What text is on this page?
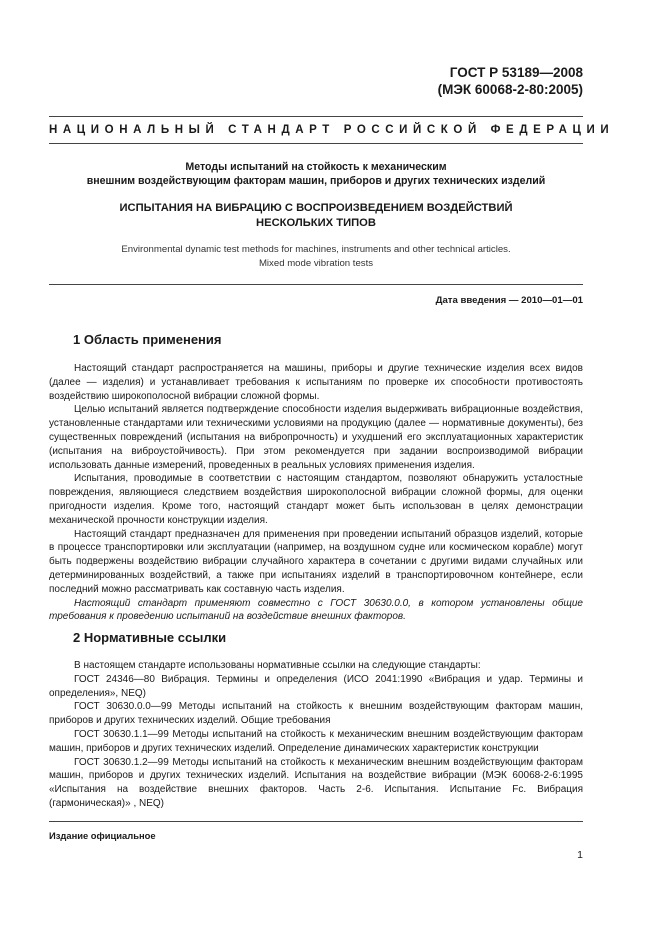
ГОСТ Р 53189—2008
(МЭК 60068-2-80:2005)
НАЦИОНАЛЬНЫЙ СТАНДАРТ РОССИЙСКОЙ ФЕДЕРАЦИИ
Методы испытаний на стойкость к механическим
внешним воздействующим факторам машин, приборов и других технических изделий
ИСПЫТАНИЯ НА ВИБРАЦИЮ С ВОСПРОИЗВЕДЕНИЕМ ВОЗДЕЙСТВИЙ
НЕСКОЛЬКИХ ТИПОВ
Environmental dynamic test methods for machines, instruments and other technical articles.
Mixed mode vibration tests
Дата введения — 2010—01—01
1 Область применения

Настоящий стандарт распространяется на машины, приборы и другие технические изделия всех видов (далее — изделия) и устанавливает требования к испытаниям по проверке их способности противостоять воздействию широкополосной вибрации сложной формы.

Целью испытаний является подтверждение способности изделия выдерживать вибрационные воздействия, установленные стандартами или техническими условиями на продукцию (далее — нормативные документы), без существенных повреждений (испытания на вибропрочность) и ухудшений его эксплуатационных характеристик (испытания на виброустойчивость). При этом рекомендуется при задании воспроизводимой вибрации использовать данные измерений, проведенных в реальных условиях применения изделия.

Испытания, проводимые в соответствии с настоящим стандартом, позволяют обнаружить усталостные повреждения, являющиеся следствием воздействия широкополосной вибрации сложной формы, для оценки пригодности изделия. Кроме того, настоящий стандарт может быть использован в целях демонстрации механической прочности конструкции изделия.

Настоящий стандарт предназначен для применения при проведении испытаний образцов изделий, которые в процессе транспортировки или эксплуатации (например, на воздушном судне или космическом корабле) могут быть подвержены воздействию вибрации случайного характера в сочетании с другими видами случайных или детерминированных воздействий, а также при испытаниях изделий в транспортировочном контейнере, если последний можно рассматривать как составную часть изделия.

Настоящий стандарт применяют совместно с ГОСТ 30630.0.0, в котором установлены общие требования к проведению испытаний на воздействие внешних факторов.

2 Нормативные ссылки

В настоящем стандарте использованы нормативные ссылки на следующие стандарты:

ГОСТ 24346—80 Вибрация. Термины и определения (ИСО 2041:1990 «Вибрация и удар. Термины и определения», NEQ)

ГОСТ 30630.0.0—99 Методы испытаний на стойкость к внешним воздействующим факторам машин, приборов и других технических изделий. Общие требования

ГОСТ 30630.1.1—99 Методы испытаний на стойкость к механическим внешним воздействующим факторам машин, приборов и других технических изделий. Определение динамических характеристик конструкции

ГОСТ 30630.1.2—99 Методы испытаний на стойкость к механическим внешним воздействующим факторам машин, приборов и других технических изделий. Испытания на воздействие вибрации (МЭК 60068-2-6:1995 «Испытания на воздействие внешних факторов. Часть 2-6. Испытания. Испытание Fc. Вибрация (гармоническая)» , NEQ)

Издание официальное
1
